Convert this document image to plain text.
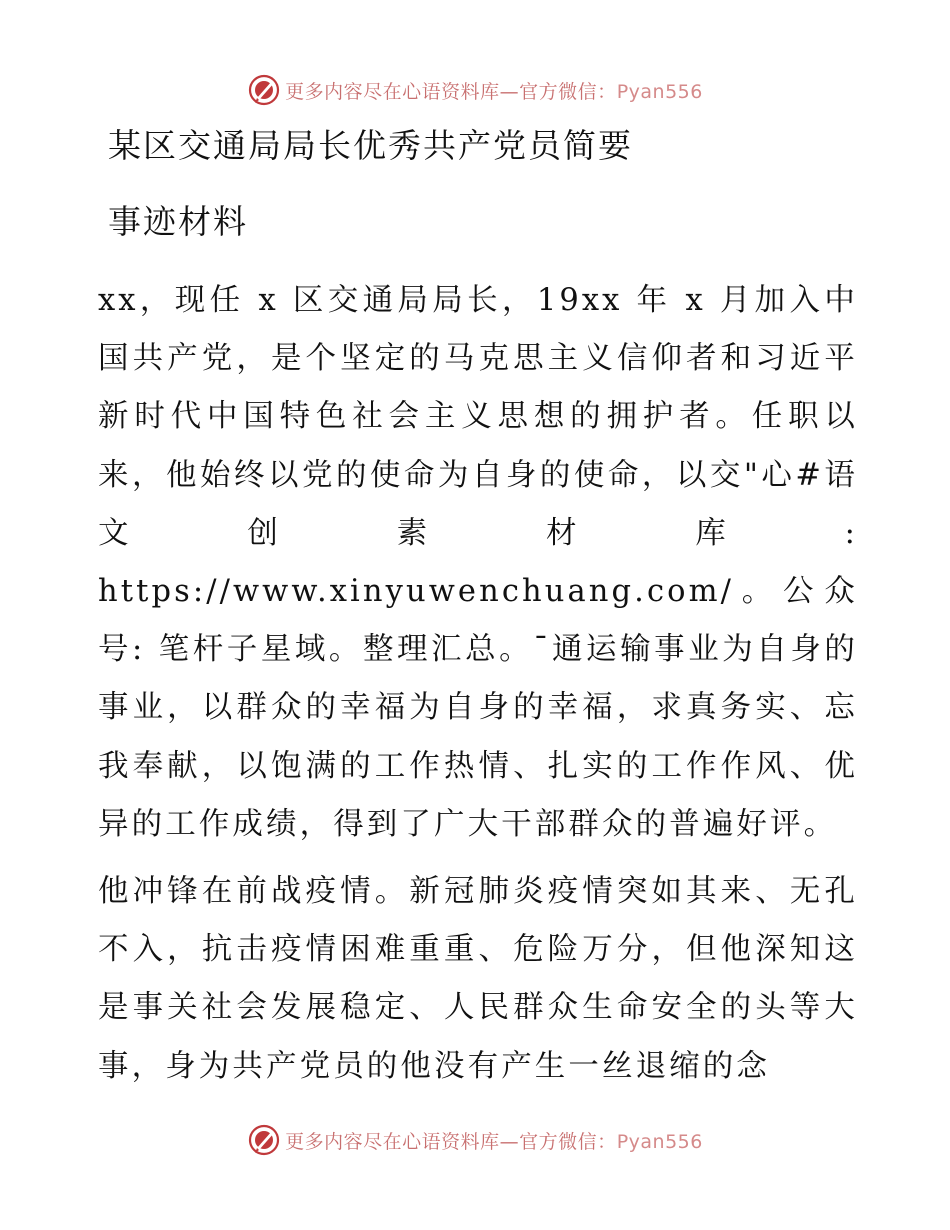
更多内容尽在心语资料库—官方微信：Pyan556
某区交通局局长优秀共产党员简要
事迹材料

xx，现任 x 区交通局局长，19xx 年 x 月加入中国共产党，是个坚定的马克思主义信仰者和习近平新时代中国特色社会主义思想的拥护者。任职以来，他始终以党的使命为自身的使命，以交"心#语文创素材库: https://www.xinyuwenchuang.com/。公众号: 笔杆子星域。整理汇总。¯通运输事业为自身的事业，以群众的幸福为自身的幸福，求真务实、忘我奉献，以饱满的工作热情、扎实的工作作风、优异的工作成绩，得到了广大干部群众的普遍好评。

他冲锋在前战疫情。新冠肺炎疫情突如其来、无孔不入，抗击疫情困难重重、危险万分，但他深知这是事关社会发展稳定、人民群众生命安全的头等大事，身为共产党员的他没有产生一丝退缩的念

更多内容尽在心语资料库—官方微信：Pyan556
